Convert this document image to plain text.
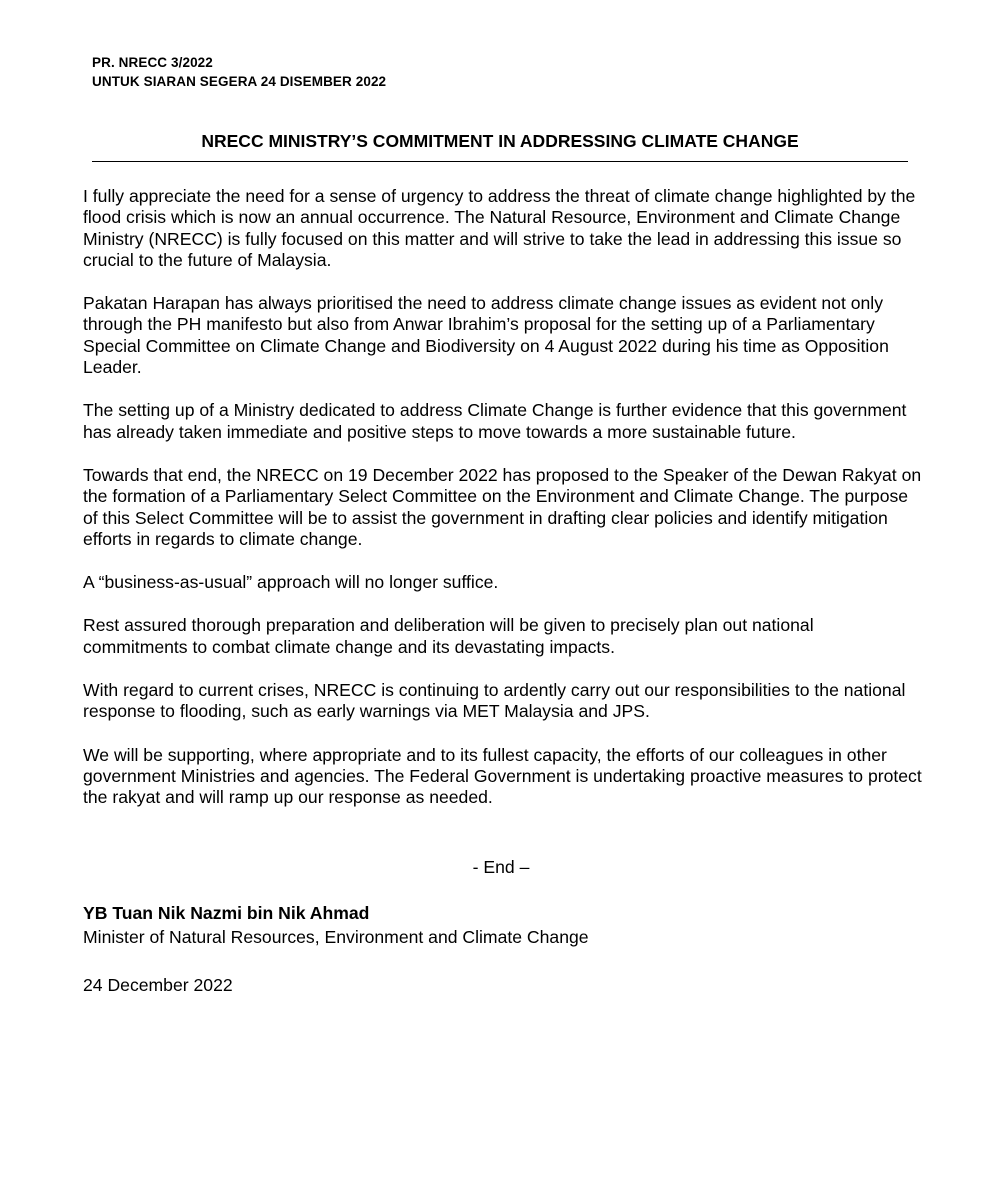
PR. NRECC 3/2022
UNTUK SIARAN SEGERA 24 DISEMBER 2022
NRECC MINISTRY’S COMMITMENT IN ADDRESSING CLIMATE CHANGE

I fully appreciate the need for a sense of urgency to address the threat of climate change highlighted by the flood crisis which is now an annual occurrence. The Natural Resource, Environment and Climate Change Ministry (NRECC) is fully focused on this matter and will strive to take the lead in addressing this issue so crucial to the future of Malaysia.

Pakatan Harapan has always prioritised the need to address climate change issues as evident not only through the PH manifesto but also from Anwar Ibrahim’s proposal for the setting up of a Parliamentary Special Committee on Climate Change and Biodiversity on 4 August 2022 during his time as Opposition Leader.

The setting up of a Ministry dedicated to address Climate Change is further evidence that this government has already taken immediate and positive steps to move towards a more sustainable future.

Towards that end, the NRECC on 19 December 2022 has proposed to the Speaker of the Dewan Rakyat on the formation of a Parliamentary Select Committee on the Environment and Climate Change. The purpose of this Select Committee will be to assist the government in drafting clear policies and identify mitigation efforts in regards to climate change.

A “business-as-usual” approach will no longer suffice.

Rest assured thorough preparation and deliberation will be given to precisely plan out national commitments to combat climate change and its devastating impacts.

With regard to current crises, NRECC is continuing to ardently carry out our responsibilities to the national response to flooding, such as early warnings via MET Malaysia and JPS.

We will be supporting, where appropriate and to its fullest capacity, the efforts of our colleagues in other government Ministries and agencies. The Federal Government is undertaking proactive measures to protect the rakyat and will ramp up our response as needed.

- End –
YB Tuan Nik Nazmi bin Nik Ahmad
Minister of Natural Resources, Environment and Climate Change
24 December 2022
